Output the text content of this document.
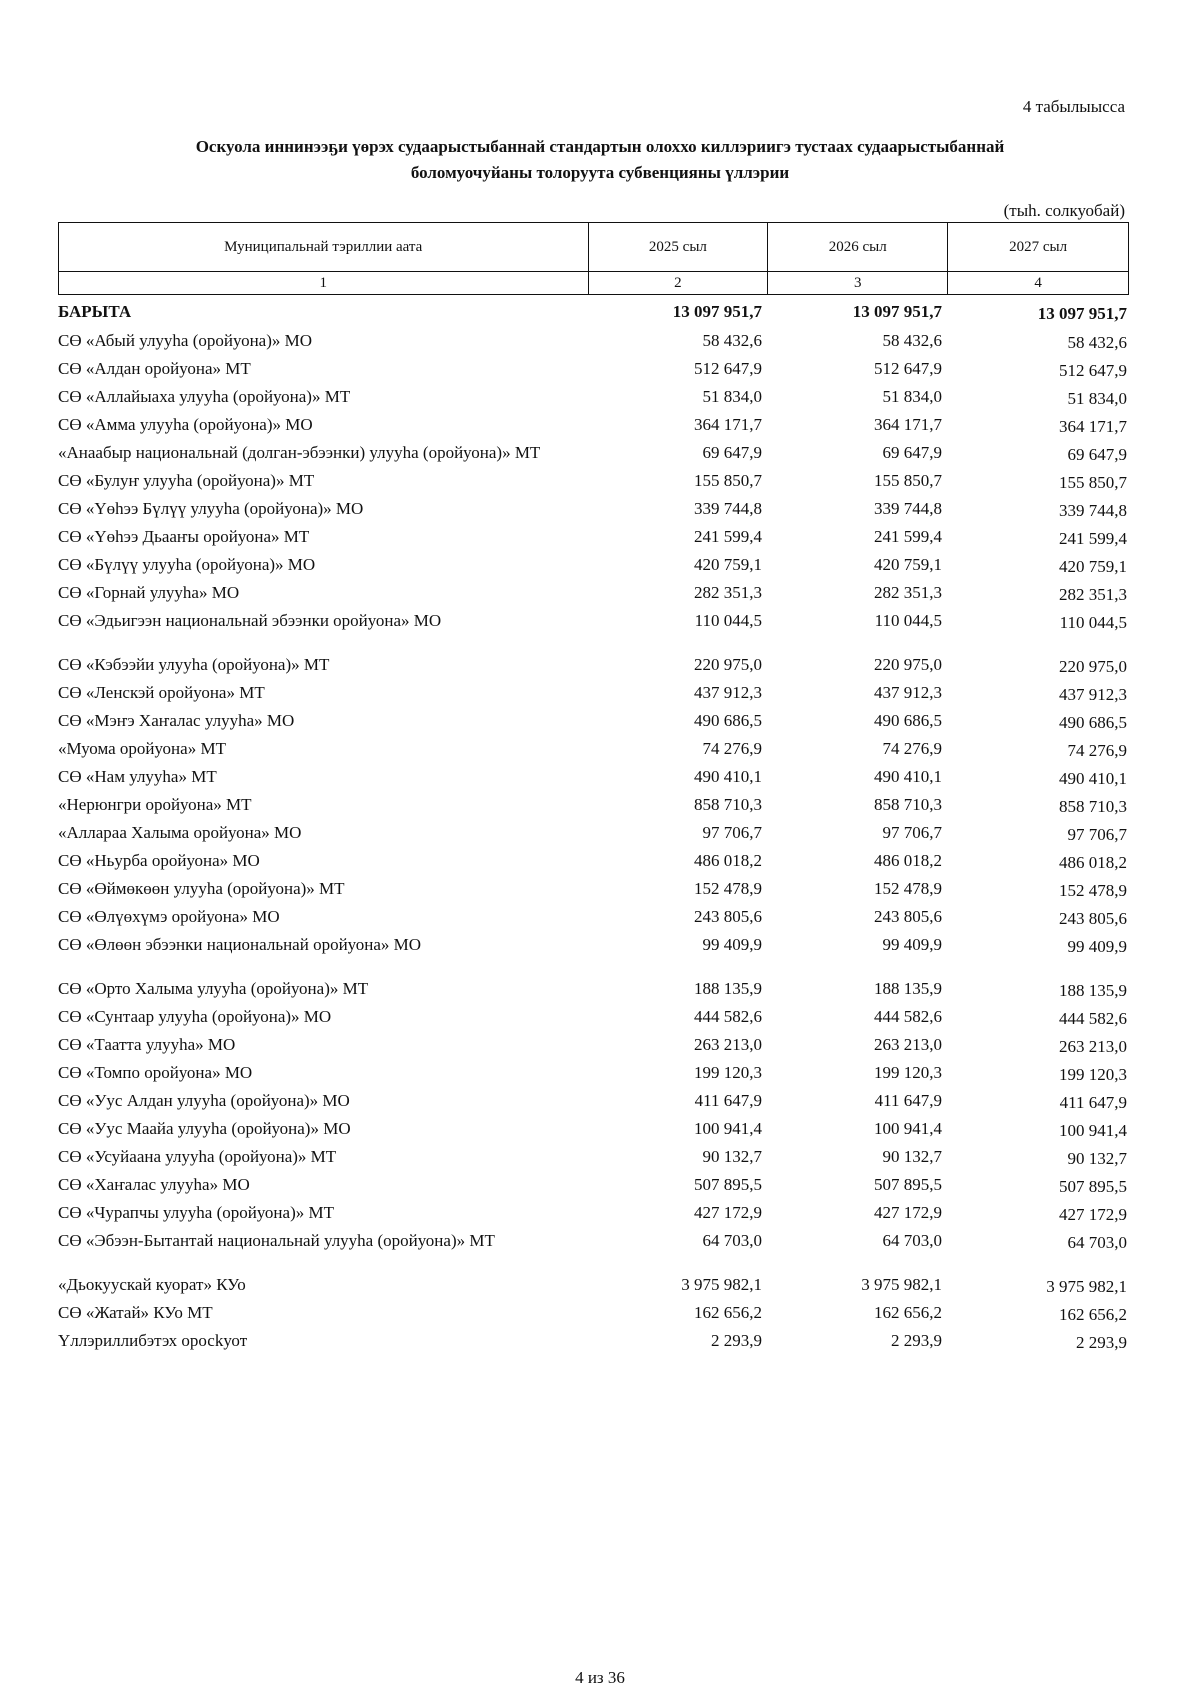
4 табылыысса
Оскуола иннинээҕи үөрэх судаарыстыбаннай стандартын олоххо киллэриигэ тустаах судаарыстыбаннай
боломуочуйаны толоруута субвенцияны үллэрии
(тыһ. солкуобай)
Муниципальнай тэриллии аата	2025 сыл	2026 сыл	2027 сыл
1	2	3	4
БАРЫТА	13 097 951,7	13 097 951,7	13 097 951,7
СӨ «Абый улууһа (оройуона)» МО	58 432,6	58 432,6	58 432,6
СӨ «Алдан оройуона» МТ	512 647,9	512 647,9	512 647,9
СӨ «Аллайыаха улууһа (оройуона)» МТ	51 834,0	51 834,0	51 834,0
СӨ «Амма улууһа (оройуона)» МО	364 171,7	364 171,7	364 171,7
«Анаабыр национальнай (долган-эбээнки) улууһа (оройуона)» МТ	69 647,9	69 647,9	69 647,9
СӨ «Булуҥ улууһа (оройуона)» МТ	155 850,7	155 850,7	155 850,7
СӨ «Үөһээ Бүлүү улууһа (оройуона)» МО	339 744,8	339 744,8	339 744,8
СӨ «Үөһээ Дьааҥы оройуона» МТ	241 599,4	241 599,4	241 599,4
СӨ «Бүлүү улууһа (оройуона)» МО	420 759,1	420 759,1	420 759,1
СӨ «Горнай улууһа» МО	282 351,3	282 351,3	282 351,3
СӨ «Эдьигээн национальнай эбээнки оройуона» МО	110 044,5	110 044,5	110 044,5
СӨ «Кэбээйи улууһа (оройуона)» МТ	220 975,0	220 975,0	220 975,0
СӨ «Ленскэй оройуона» МТ	437 912,3	437 912,3	437 912,3
СӨ «Мэҥэ Хаҥалас улууһа» МО	490 686,5	490 686,5	490 686,5
«Муома оройуона» МТ	74 276,9	74 276,9	74 276,9
СӨ «Нам улууһа» МТ	490 410,1	490 410,1	490 410,1
«Нерюнгри оройуона» МТ	858 710,3	858 710,3	858 710,3
«Аллараа Халыма оройуона» МО	97 706,7	97 706,7	97 706,7
СӨ «Ньурба оройуона» МО	486 018,2	486 018,2	486 018,2
СӨ «Өймөкөөн улууһа (оройуона)» МТ	152 478,9	152 478,9	152 478,9
СӨ «Өлүөхүмэ оройуона» МО	243 805,6	243 805,6	243 805,6
СӨ «Өлөөн эбээнки национальнай оройуона» МО	99 409,9	99 409,9	99 409,9
СӨ «Орто Халыма улууһа (оройуона)» МТ	188 135,9	188 135,9	188 135,9
СӨ «Сунтаар улууһа (оройуона)» МО	444 582,6	444 582,6	444 582,6
СӨ «Таатта улууһа» МО	263 213,0	263 213,0	263 213,0
СӨ «Томпо оройуона» МО	199 120,3	199 120,3	199 120,3
СӨ «Уус Алдан улууһа (оройуона)» МО	411 647,9	411 647,9	411 647,9
СӨ «Уус Маайа улууһа (оройуона)» МО	100 941,4	100 941,4	100 941,4
СӨ «Усуйаана улууһа (оройуона)» МТ	90 132,7	90 132,7	90 132,7
СӨ «Хаҥалас улууһа» МО	507 895,5	507 895,5	507 895,5
СӨ «Чурапчы улууһа (оройуона)» МТ	427 172,9	427 172,9	427 172,9
СӨ «Эбээн-Бытантай национальнай улууһа (оройуона)» МТ	64 703,0	64 703,0	64 703,0
«Дьокуускай куорат» КУо	3 975 982,1	3 975 982,1	3 975 982,1
СӨ «Жатай» КУо МТ	162 656,2	162 656,2	162 656,2
Үллэриллибэтэх оросkуот	2 293,9	2 293,9	2 293,9
4 из 36
